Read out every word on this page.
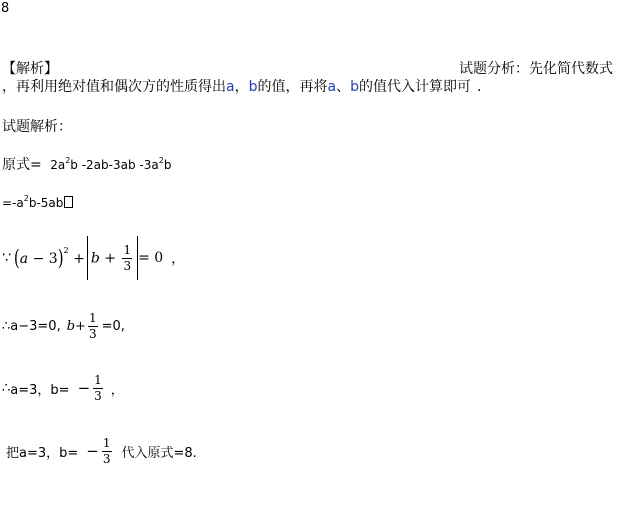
8
【解析】	试题分析：先化简代数式
，再利用绝对值和偶次方的性质得出a，b的值，再将a、b的值代入计算即可 .
试题解析：
原式= $2a^2b$ -2ab-3ab $-3a^2b$
$=-a^2b-5ab$
∵ $(a - 3)^2 + b + \frac{1}{3} = 0$ ，
∴ a−3=0, $b + \frac{1}{3} =0$,
∴ a=3，$b= - \frac{1}{3}$ ，
把a=3，$b= - \frac{1}{3}$ 代入原式=8.
